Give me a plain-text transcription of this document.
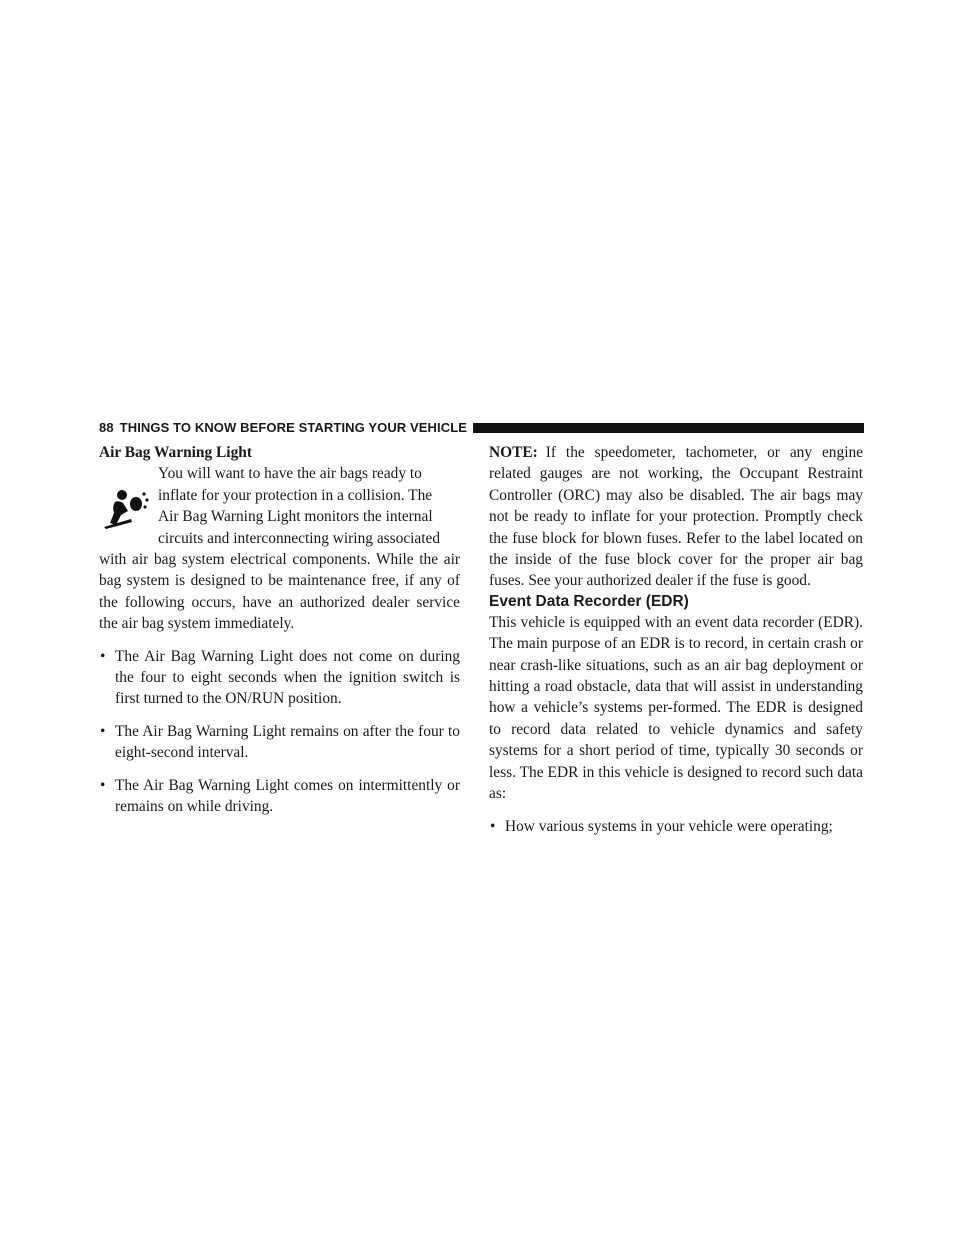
88 THINGS TO KNOW BEFORE STARTING YOUR VEHICLE

Air Bag Warning Light

You will want to have the air bags ready to

inflate for your protection in a collision. The

Air Bag Warning Light monitors the internal

circuits and interconnecting wiring associated

with air bag system electrical components. While the air bag system is designed to be maintenance free, if any of the following occurs, have an authorized dealer service the air bag system immediately.

• The Air Bag Warning Light does not come on during the four to eight seconds when the ignition switch is first turned to the ON/RUN position.

• The Air Bag Warning Light remains on after the four to eight-second interval.

• The Air Bag Warning Light comes on intermittently or remains on while driving.

NOTE: If the speedometer, tachometer, or any engine related gauges are not working, the Occupant Restraint Controller (ORC) may also be disabled. The air bags may not be ready to inflate for your protection. Promptly check the fuse block for blown fuses. Refer to the label located on the inside of the fuse block cover for the proper air bag fuses. See your authorized dealer if the fuse is good.

Event Data Recorder (EDR)

This vehicle is equipped with an event data recorder (EDR). The main purpose of an EDR is to record, in certain crash or near crash-like situations, such as an air bag deployment or hitting a road obstacle, data that will assist in understanding how a vehicle’s systems per-formed. The EDR is designed to record data related to vehicle dynamics and safety systems for a short period of time, typically 30 seconds or less. The EDR in this vehicle is designed to record such data as:

• How various systems in your vehicle were operating;
